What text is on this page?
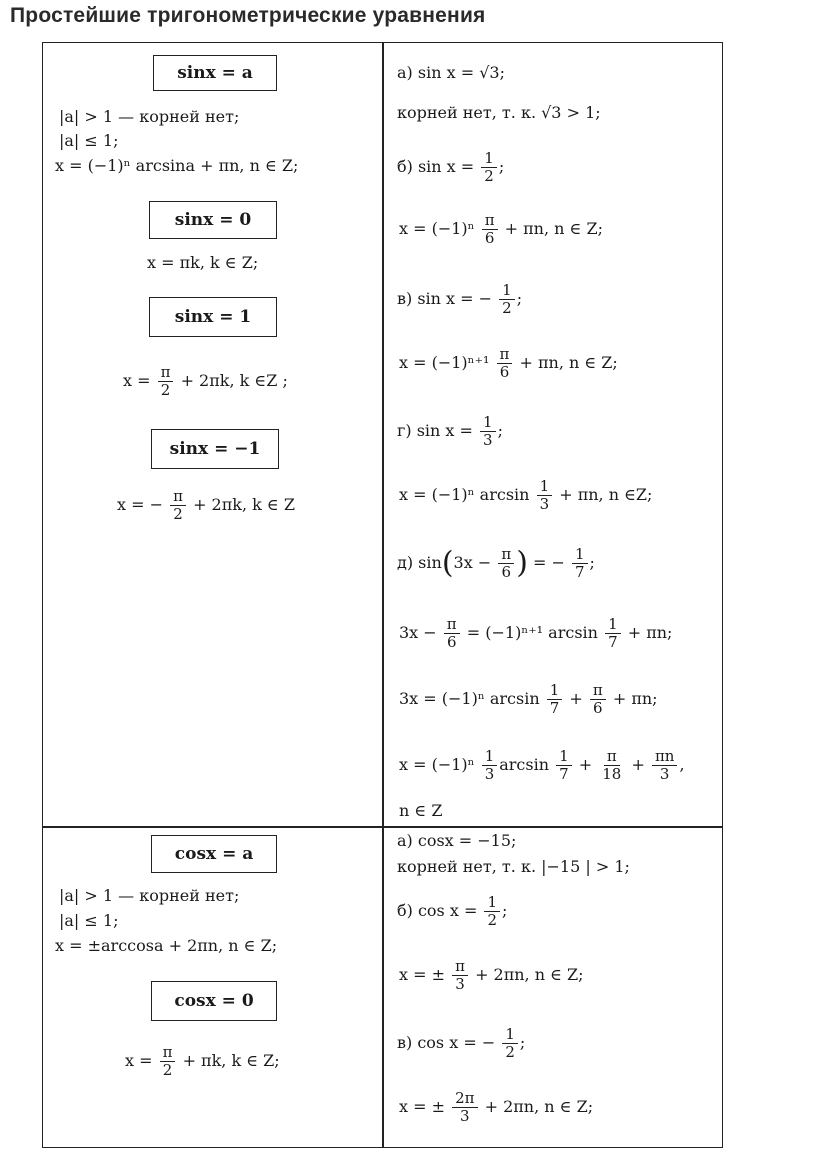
Простейшие тригонометрические уравнения
sinx = a
|a| > 1 — корней нет;
|a| ≤ 1;
x = (−1)ⁿ arcsina + πn, n ∈ Z;
sinx = 0
x = πk, k ∈ Z;
sinx = 1
$x = \frac{\pi}{2} + 2\pi k$, k ∈Z ;
sinx = −1
x = − $\frac{\pi}{2} + 2\pi k$, k ∈ Z
cosx = a
|a| > 1 — корней нет;
|a| ≤ 1;
x = ±arccosa + 2πn, n ∈ Z;
cosx = 0
$x = \frac{\pi}{2} + \pi k$, k ∈ Z;
а) sin x = √3;
корней нет, т. к. √3 > 1;
б) $\sin x = \frac{1}{2}$ ;
$x = (-1)^n \frac{\pi}{6} + \pi n$, n ∈ Z;
в) sin x = − $\frac{1}{2}$ ;
$x = (-1)^{n+1} \frac{\pi}{6} + \pi n$, n ∈ Z;
г) $\sin x = \frac{1}{3}$ ;
x = (−1)ⁿ $\arcsin \frac{1}{3} + \pi n$, n ∈Z;
д) $\sin(3x - \frac{\pi}{6}$ ) = − $\frac{1}{7}$ ;
$3x - \frac{\pi}{6} = (-1)^{n+1}$ $\arcsin \frac{1}{7} + \pi n$;
3x = (−1)ⁿ $\arcsin \frac{1}{7} + \frac{\pi}{6} + \pi n$;
$x = (-1)^n \frac{1}{3}$ $\arcsin \frac{1}{7} + \frac{\pi}{18} + \frac{\pi n}{3}$ ,
n ∈ Z
а) cosx = −15;
корней нет, т. к. |−15 | > 1;
б) $\cos x = \frac{1}{2}$ ;
x = ± $\frac{\pi}{3} + 2\pi n$, n ∈ Z;
в) cos x = − $\frac{1}{2}$ ;
x = ± $\frac{2\pi}{3} + 2\pi n$, n ∈ Z;
